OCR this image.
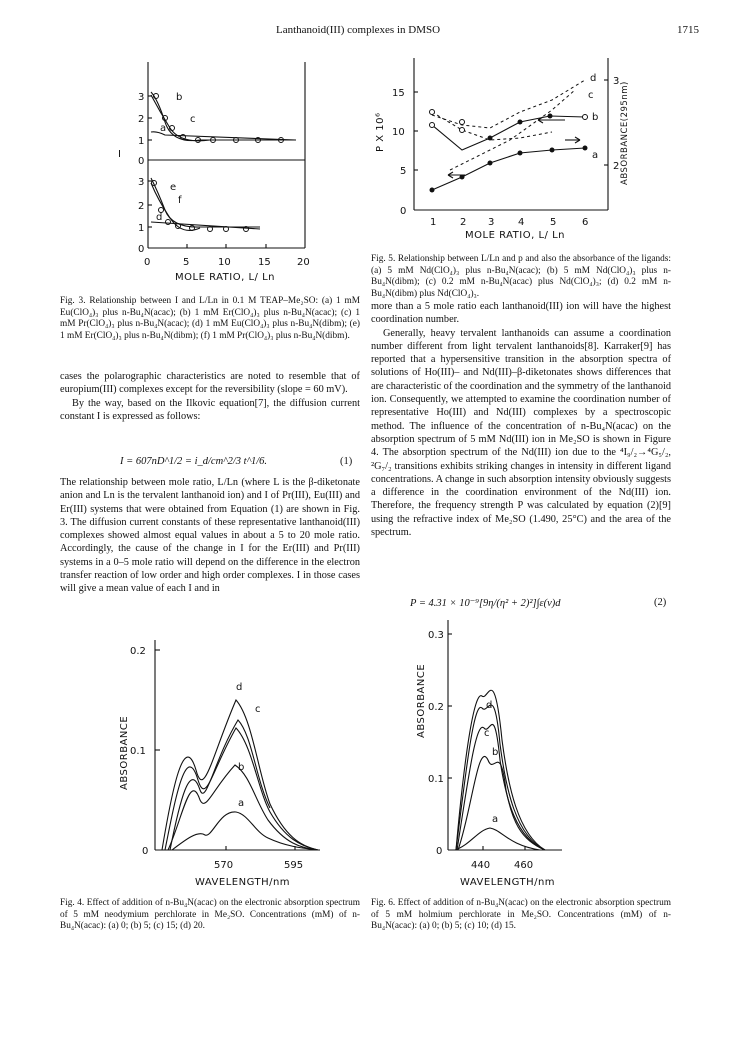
Lanthanoid(III) complexes in DMSO	1715
3
2
1
0
3
2
1
0
I
0	5	10	15	20
MOLE RATIO, L/ Ln
a
b
c
d
e
f
Fig. 3. Relationship between I and L/Ln in 0.1 M TEAP–Me₂SO: (a) 1 mM Eu(ClO₄)₃ plus n-Bu₄N(acac); (b) 1 mM Er(ClO₄)₃ plus n-Bu₄N(acac); (c) 1 mM Pr(ClO₄)₃ plus n-Bu₄N(acac); (d) 1 mM Eu(ClO₄)₃ plus n-Bu₄N(dibm); (e) 1 mM Er(ClO₄)₃ plus n-Bu₄N(dibm); (f) 1 mM Pr(ClO₄)₃ plus n-Bu₄N(dibm).
15
10
5
0
P X 10⁶
3
2 ABSORBANCE(295nm)
1 2 3 4	5	6
MOLE RATIO, L/ Ln
a
b
c
d
Fig. 5. Relationship between L/Ln and p and also the absorbance of the ligands: (a) 5 mM Nd(ClO₄)₃ plus n-Bu₄N(acac); (b) 5 mM Nd(ClO₄)₃ plus n-Bu₄N(dibm); (c) 0.2 mM n-Bu₄N(acac) plus Nd(ClO₄)₃; (d) 0.2 mM n-Bu₄N(dibm) plus Nd(ClO₄)₃.

cases the polarographic characteristics are noted to resemble that of europium(III) complexes except for the reversibility (slope = 60 mV).

By the way, based on the Ilkovic equation[7], the diffusion current constant I is expressed as follows:

I = 607nD^1/2 = i_d/cm^2/3 t^1/6.	(1)

The relationship between mole ratio, L/Ln (where L is the β-diketonate anion and Ln is the tervalent lanthanoid ion) and I of Pr(III), Eu(III) and Er(III) systems that were obtained from Equation (1) are shown in Fig. 3. The diffusion current constants of these representative lanthanoid(III) complexes showed almost equal values in about a 5 to 20 mole ratio. Accordingly, the cause of the change in I for the Er(III) and Pr(III) systems in a 0–5 mole ratio will depend on the difference in the electron transfer reaction of low order and high order complexes. I in those cases will give a mean value of each I and in

more than a 5 mole ratio each lanthanoid(III) ion will have the highest coordination number.

Generally, heavy tervalent lanthanoids can assume a coordination number different from light tervalent lanthanoids[8]. Karraker[9] has reported that a hypersensitive transition in the absorption spectra of solutions of Ho(III)– and Nd(III)–β-diketonates shows differences that are characteristic of the coordination and the symmetry of the lanthanoid ion. Consequently, we attempted to examine the coordination number of representative Ho(III) and Nd(III) complexes by a spectroscopic method. The influence of the concentration of n-Bu₄N(acac) on the absorption spectrum of 5 mM Nd(III) ion in Me₂SO is shown in Figure 4. The absorption spectrum of the Nd(III) ion due to the ⁴I₉/₂→⁴G₅/₂, ²G₇/₂ transitions exhibits striking changes in intensity in different ligand concentrations. A change in such absorption intensity obviously suggests a difference in the coordination environment of the Nd(III) ion. Therefore, the frequency strength P was calculated by equation (2)[9] using the refractive index of Me₂SO (1.490, 25°C) and the area of the spectrum.

P = 4.31 × 10⁻⁹[9η/(η² + 2)²]∫ε(ν)d	(2)
0.2
0.1
0
ABSORBANCE
570	595
WAVELENGTH/nm
a
b
c
d
Fig. 4. Effect of addition of n-Bu₄N(acac) on the electronic absorption spectrum of 5 mM neodymium perchlorate in Me₂SO. Concentrations (mM) of n-Bu₄N(acac): (a) 0; (b) 5; (c) 15; (d) 20.
0.3
0.2
0.1
0
ABSORBANCE
440 460
WAVELENGTH/nm
a
b
c
d
Fig. 6. Effect of addition of n-Bu₄N(acac) on the electronic absorption spectrum of 5 mM holmium perchlorate in Me₂SO. Concentrations (mM) of n-Bu₄N(acac): (a) 0; (b) 5; (c) 10; (d) 15.
